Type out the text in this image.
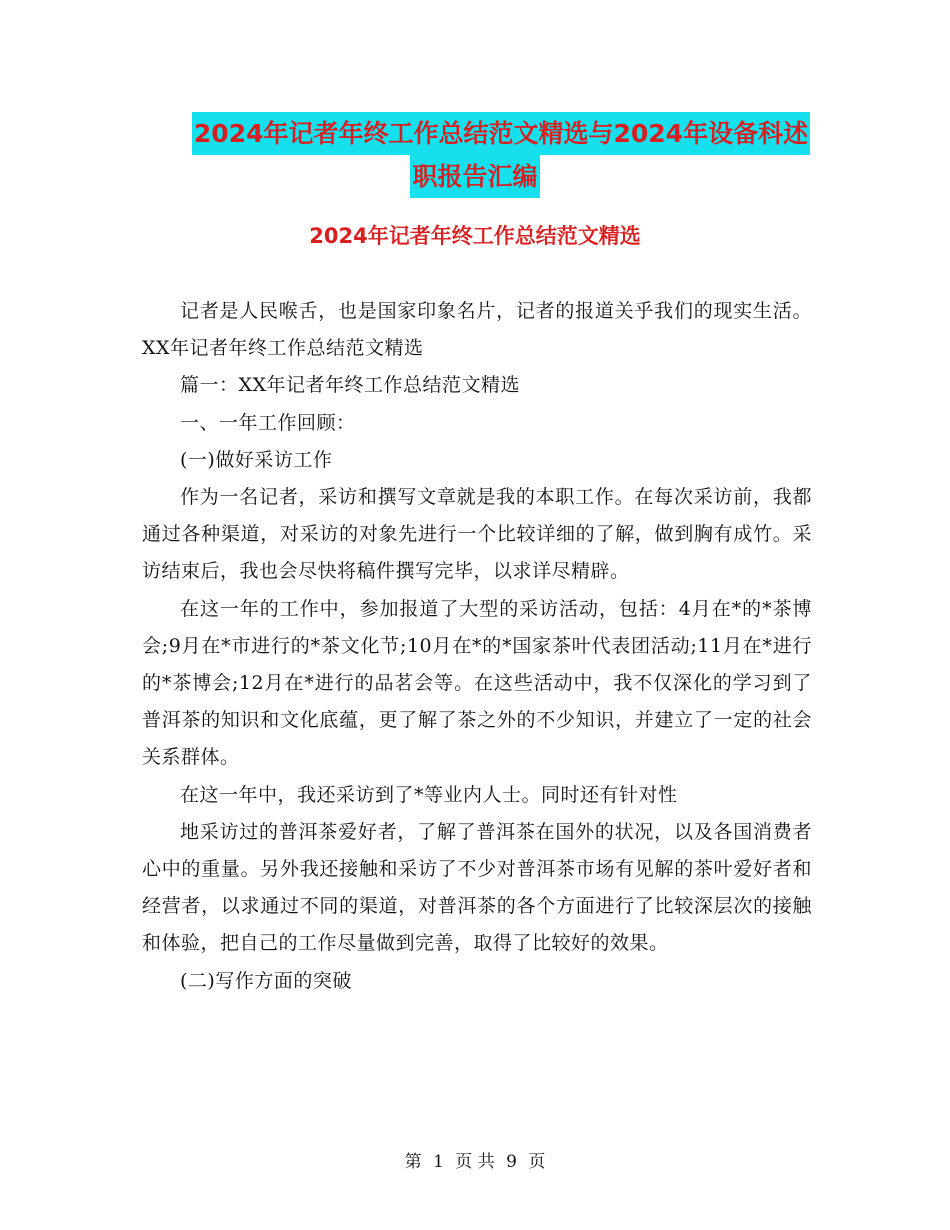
2024年记者年终工作总结范文精选与2024年设备科述
职报告汇编
2024年记者年终工作总结范文精选

记者是人民喉舌，也是国家印象名片，记者的报道关乎我们的现实生活。XX年记者年终工作总结范文精选

篇一：XX年记者年终工作总结范文精选

一、一年工作回顾：

(一)做好采访工作

作为一名记者，采访和撰写文章就是我的本职工作。在每次采访前，我都通过各种渠道，对采访的对象先进行一个比较详细的了解，做到胸有成竹。采访结束后，我也会尽快将稿件撰写完毕，以求详尽精辟。

在这一年的工作中，参加报道了大型的采访活动，包括：4月在*的*茶博会;9月在*市进行的*茶文化节;10月在*的*国家茶叶代表团活动;11月在*进行的*茶博会;12月在*进行的品茗会等。在这些活动中，我不仅深化的学习到了普洱茶的知识和文化底蕴，更了解了茶之外的不少知识，并建立了一定的社会关系群体。

在这一年中，我还采访到了*等业内人士。同时还有针对性

地采访过的普洱茶爱好者，了解了普洱茶在国外的状况，以及各国消费者心中的重量。另外我还接触和采访了不少对普洱茶市场有见解的茶叶爱好者和经营者，以求通过不同的渠道，对普洱茶的各个方面进行了比较深层次的接触和体验，把自己的工作尽量做到完善，取得了比较好的效果。

(二)写作方面的突破

第 1 页 共 9 页
